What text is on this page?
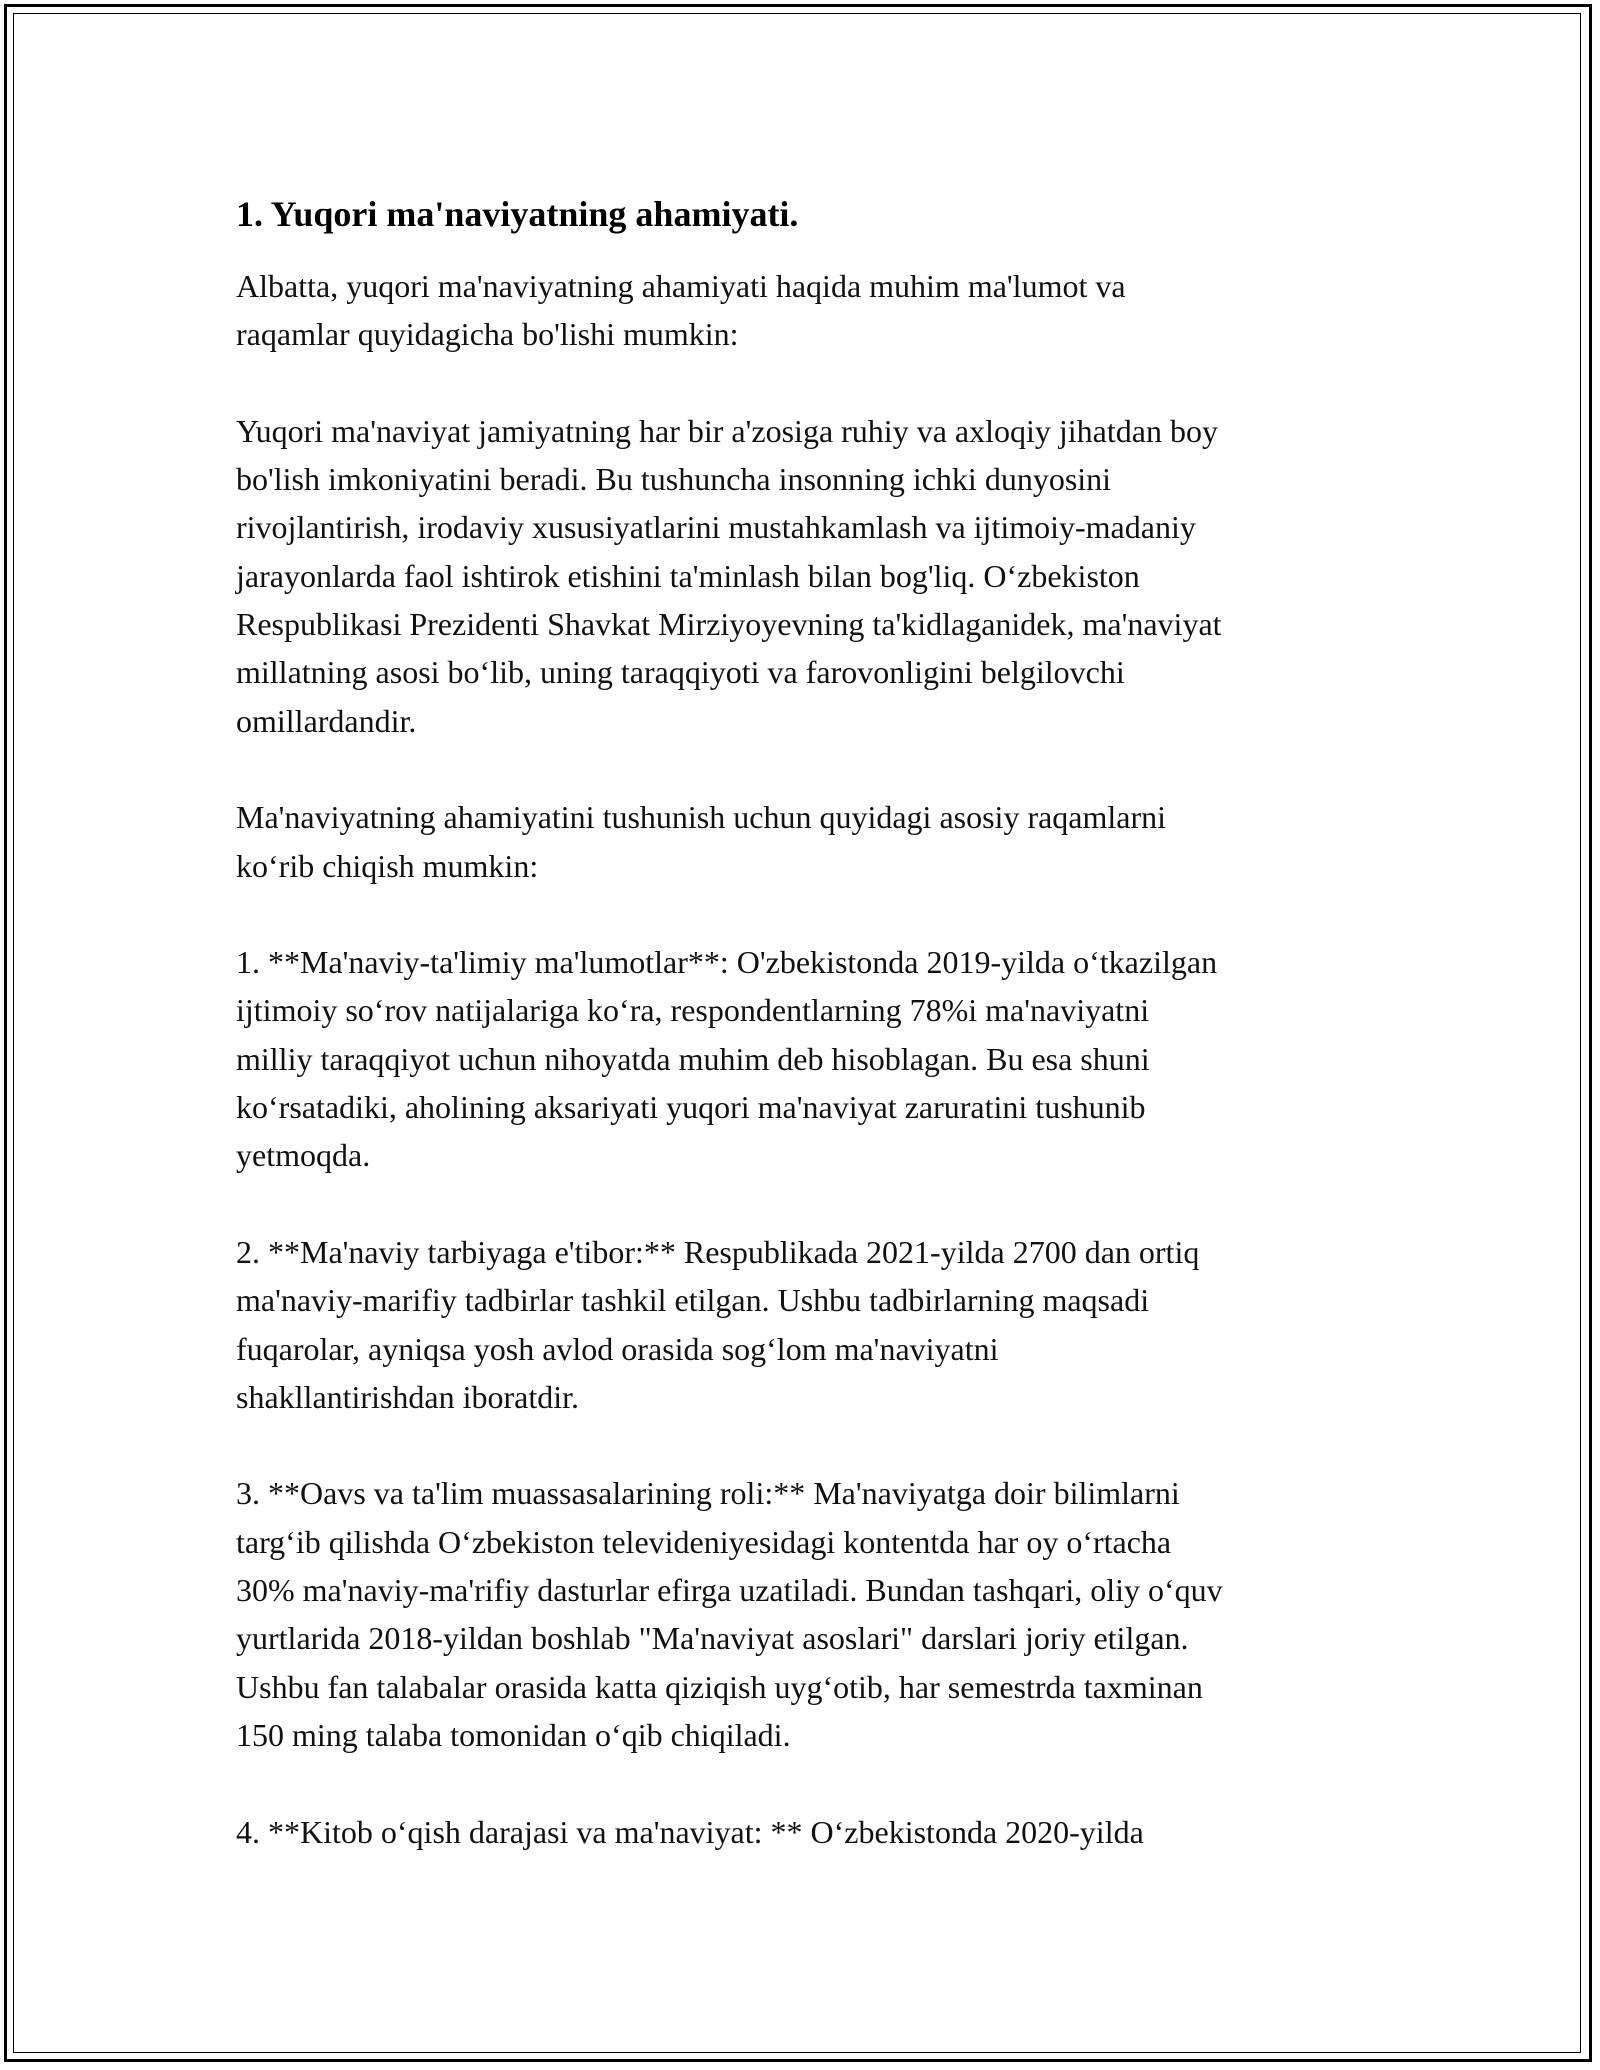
1. Yuqori ma'naviyatning ahamiyati.

Albatta, yuqori ma'naviyatning ahamiyati haqida muhim ma'lumot va
raqamlar quyidagicha bo'lishi mumkin:

Yuqori ma'naviyat jamiyatning har bir a'zosiga ruhiy va axloqiy jihatdan boy
bo'lish imkoniyatini beradi. Bu tushuncha insonning ichki dunyosini
rivojlantirish, irodaviy xususiyatlarini mustahkamlash va ijtimoiy-madaniy
jarayonlarda faol ishtirok etishini ta'minlash bilan bog'liq. O‘zbekiston
Respublikasi Prezidenti Shavkat Mirziyoyevning ta'kidlaganidek, ma'naviyat
millatning asosi bo‘lib, uning taraqqiyoti va farovonligini belgilovchi
omillardandir.

Ma'naviyatning ahamiyatini tushunish uchun quyidagi asosiy raqamlarni
ko‘rib chiqish mumkin:

1. **Ma'naviy-ta'limiy ma'lumotlar**: O'zbekistonda 2019-yilda o‘tkazilgan
ijtimoiy so‘rov natijalariga ko‘ra, respondentlarning 78%i ma'naviyatni
milliy taraqqiyot uchun nihoyatda muhim deb hisoblagan. Bu esa shuni
ko‘rsatadiki, aholining aksariyati yuqori ma'naviyat zaruratini tushunib
yetmoqda.

2. **Ma'naviy tarbiyaga e'tibor:** Respublikada 2021-yilda 2700 dan ortiq
ma'naviy-marifiy tadbirlar tashkil etilgan. Ushbu tadbirlarning maqsadi
fuqarolar, ayniqsa yosh avlod orasida sog‘lom ma'naviyatni
shakllantirishdan iboratdir.

3. **Oavs va ta'lim muassasalarining roli:** Ma'naviyatga doir bilimlarni
targ‘ib qilishda O‘zbekiston televideniyesidagi kontentda har oy o‘rtacha
30% ma'naviy-ma'rifiy dasturlar efirga uzatiladi. Bundan tashqari, oliy o‘quv
yurtlarida 2018-yildan boshlab "Ma'naviyat asoslari" darslari joriy etilgan.
Ushbu fan talabalar orasida katta qiziqish uyg‘otib, har semestrda taxminan
150 ming talaba tomonidan o‘qib chiqiladi.

4. **Kitob o‘qish darajasi va ma'naviyat: ** O‘zbekistonda 2020-yilda
